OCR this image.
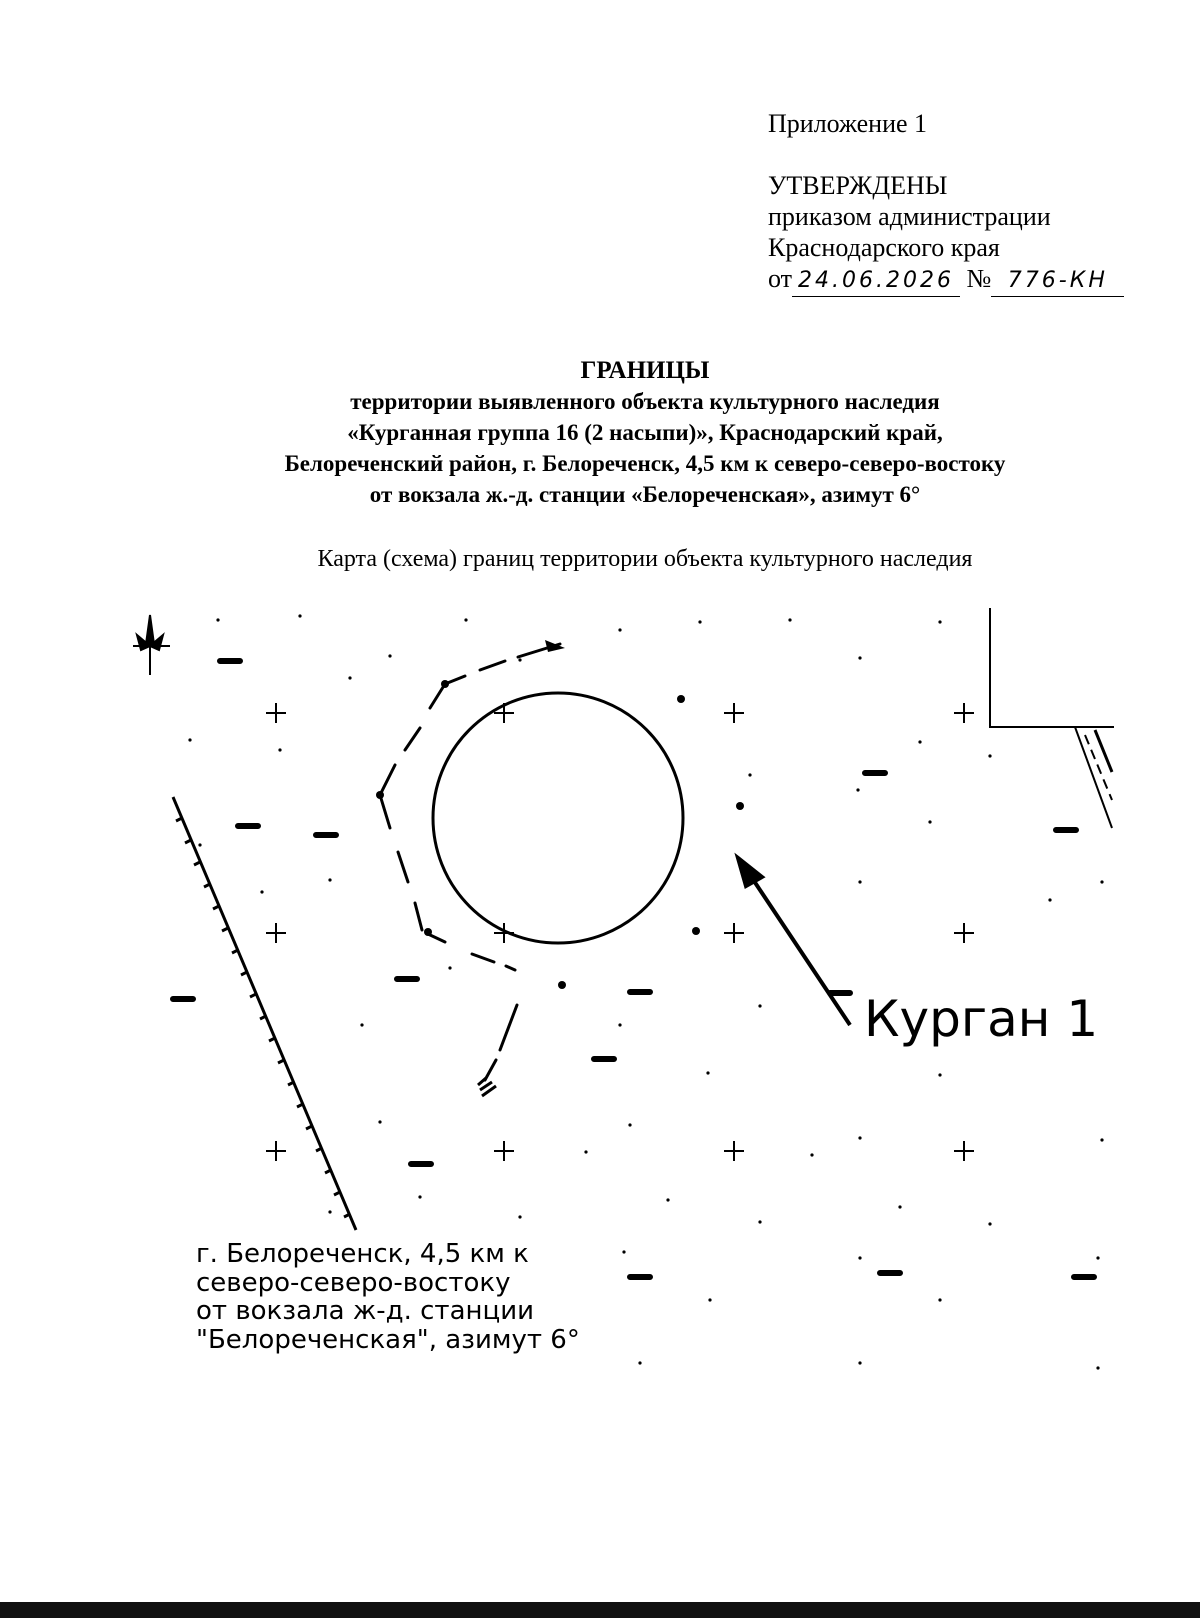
Приложение 1
УТВЕРЖДЕНЫ
приказом администрации
Краснодарского края
от 24.06.2026 № 776-КН
ГРАНИЦЫ
территории выявленного объекта культурного наследия
«Курганная группа 16 (2 насыпи)», Краснодарский край,
Белореченский район, г. Белореченск, 4,5 км к северо-северо-востоку
от вокзала ж.-д. станции «Белореченская», азимут 6°
Карта (схема) границ территории объекта культурного наследия
Курган 1
г. Белореченск, 4,5 км к
северо-северо-востоку
от вокзала ж-д. станции
"Белореченская", азимут 6°
